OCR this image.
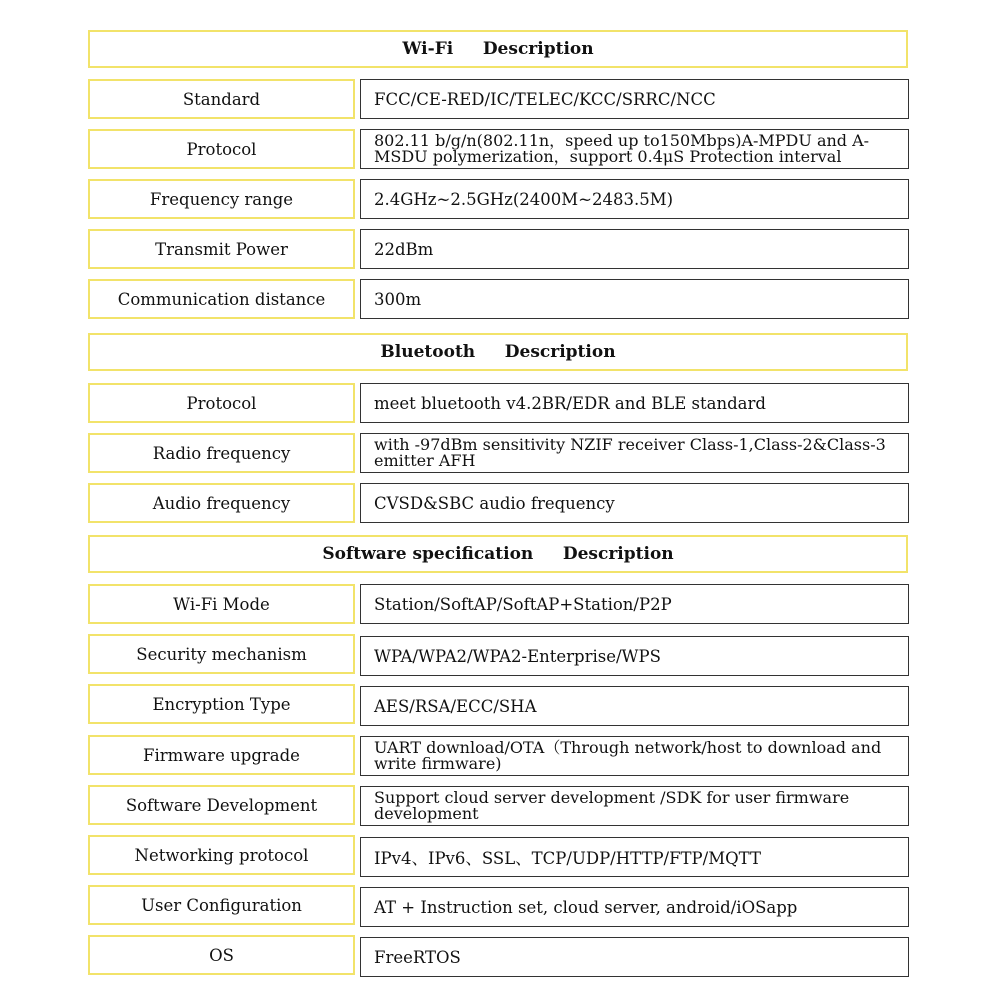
Wi-Fi     Description
Standard	FCC/CE-RED/IC/TELEC/KCC/SRRC/NCC
Protocol	802.11 b/g/n(802.11n，speed up to150Mbps)A-MPDU and A-MSDU polymerization，support 0.4μS Protection interval
Frequency range	2.4GHz~2.5GHz(2400M~2483.5M)
Transmit Power	22dBm
Communication distance	300m
Bluetooth     Description
Protocol	meet bluetooth v4.2BR/EDR and BLE standard
Radio frequency	with -97dBm sensitivity NZIF receiver Class-1,Class-2&Class-3 emitter AFH
Audio frequency	CVSD&SBC audio frequency
Software specification     Description
Wi-Fi Mode	Station/SoftAP/SoftAP+Station/P2P
Security mechanism	WPA/WPA2/WPA2-Enterprise/WPS
Encryption Type	AES/RSA/ECC/SHA
Firmware upgrade	UART download/OTA（Through network/host to download and write firmware)
Software Development	Support cloud server development /SDK for user firmware development
Networking protocol	IPv4、IPv6、SSL、TCP/UDP/HTTP/FTP/MQTT
User Configuration	AT + Instruction set, cloud server, android/iOSapp
OS	FreeRTOS
